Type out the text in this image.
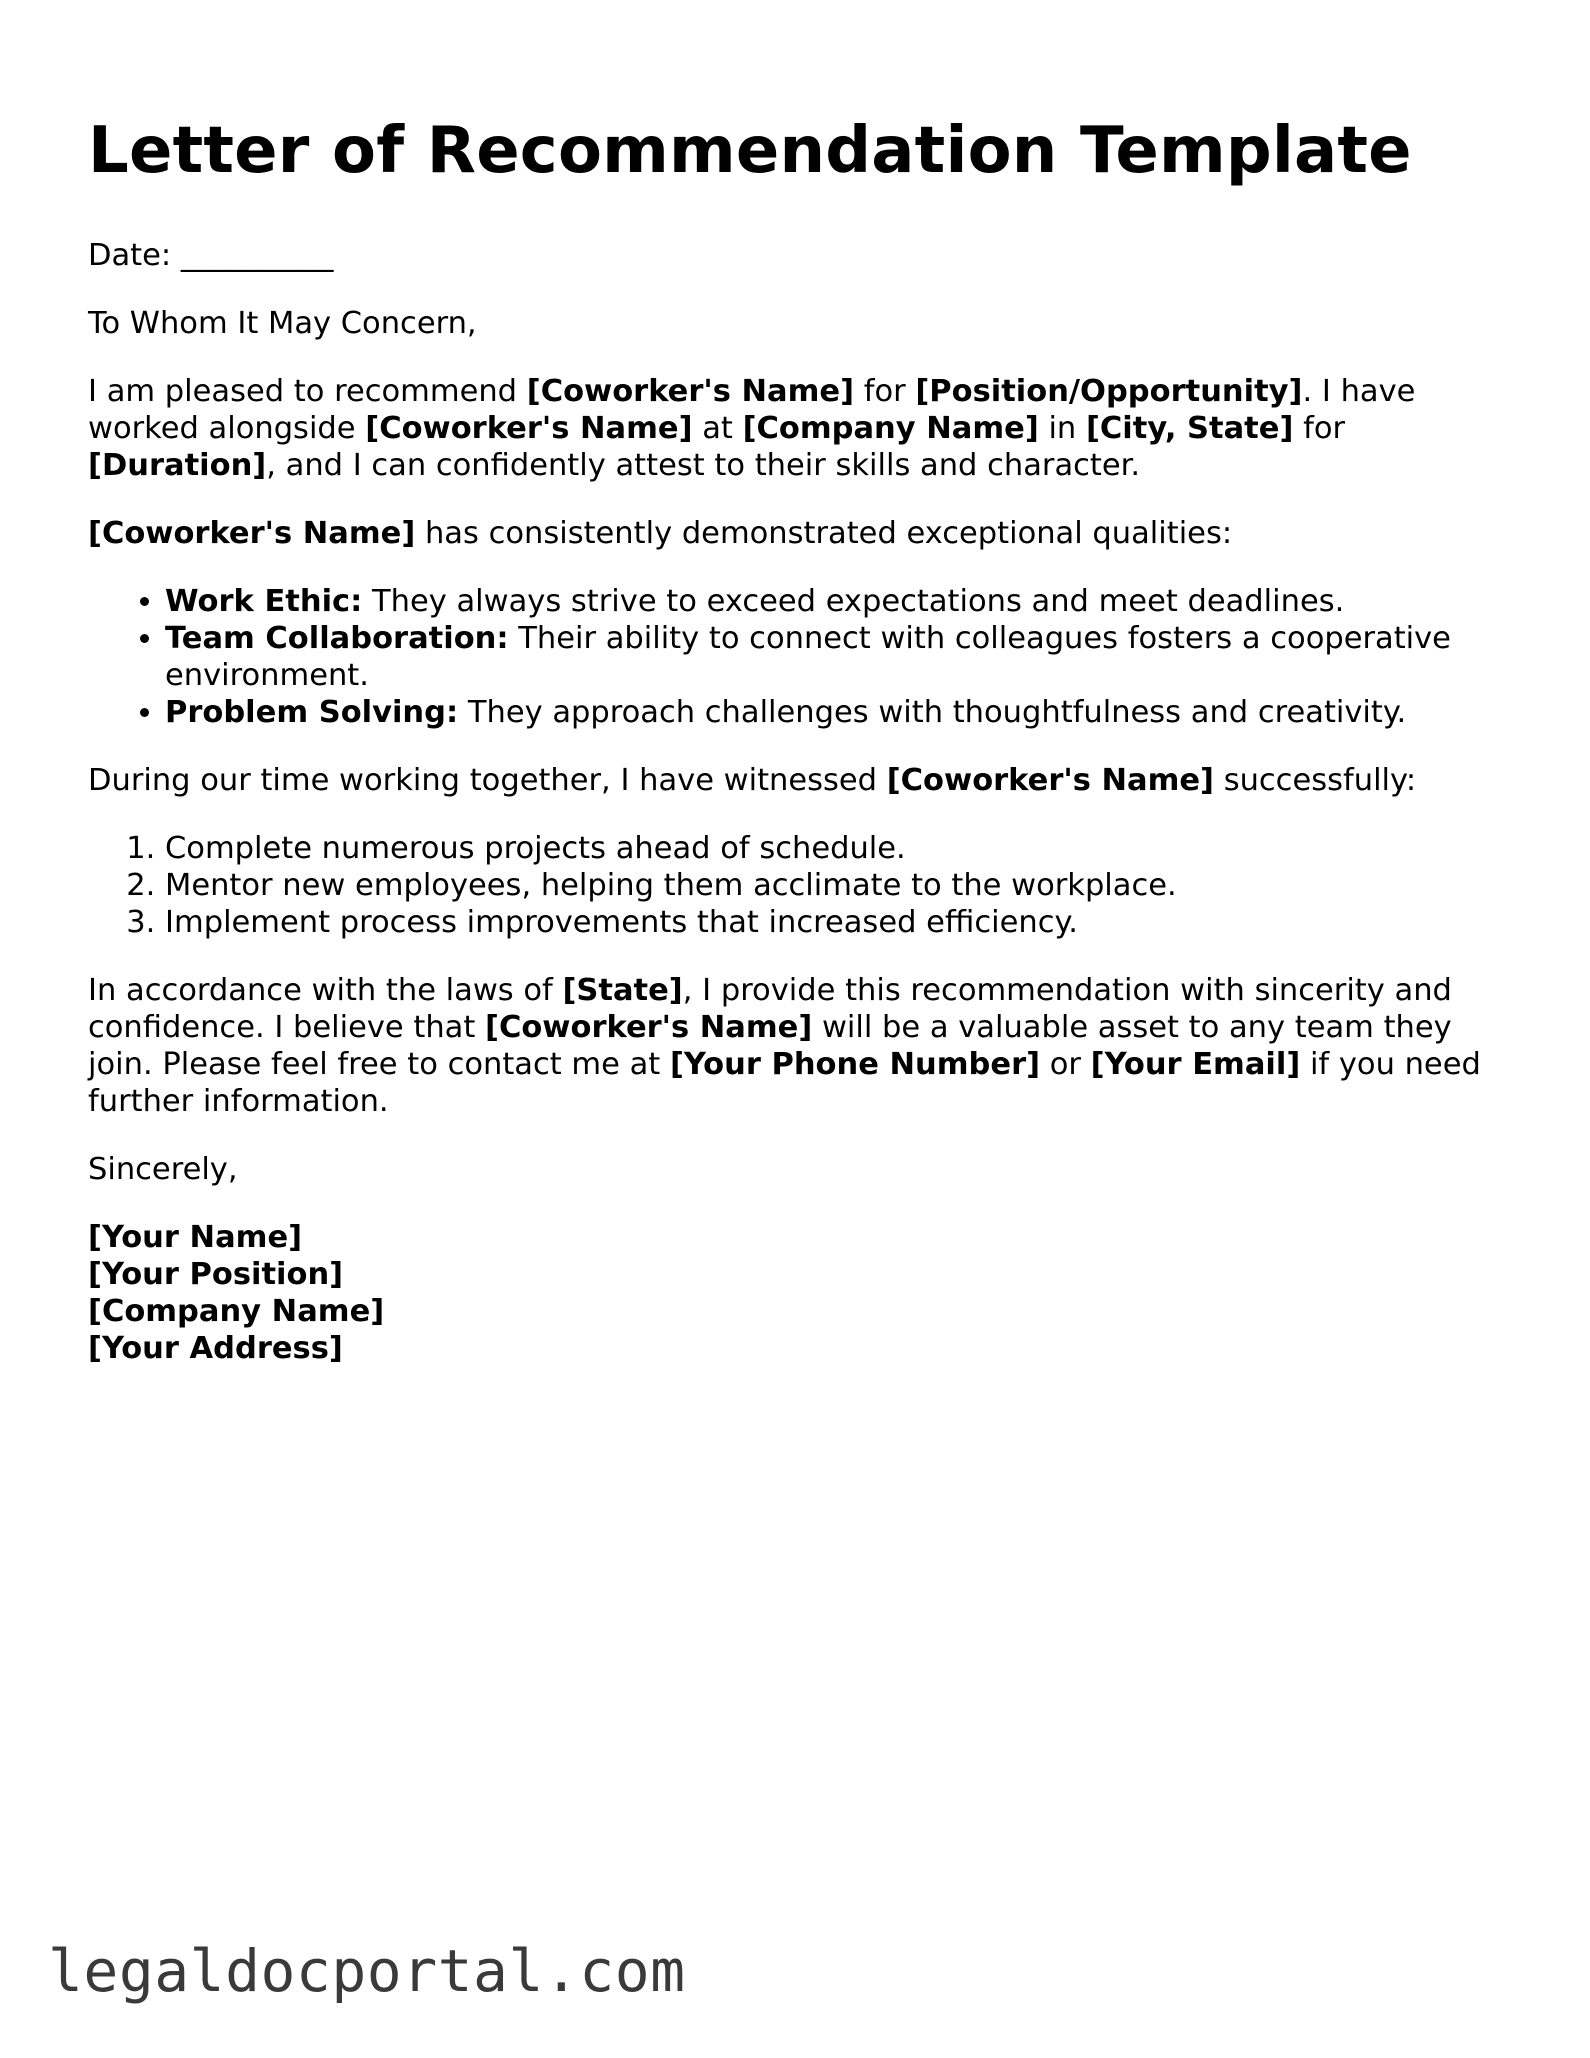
Letter of Recommendation Template

Date: __________

To Whom It May Concern,

I am pleased to recommend [Coworker's Name] for [Position/Opportunity]. I have worked alongside [Coworker's Name] at [Company Name] in [City, State] for [Duration], and I can confidently attest to their skills and character.

[Coworker's Name] has consistently demonstrated exceptional qualities:

• Work Ethic: They always strive to exceed expectations and meet deadlines.
• Team Collaboration: Their ability to connect with colleagues fosters a cooperative environment.
• Problem Solving: They approach challenges with thoughtfulness and creativity.

During our time working together, I have witnessed [Coworker's Name] successfully:

1. Complete numerous projects ahead of schedule.
2. Mentor new employees, helping them acclimate to the workplace.
3. Implement process improvements that increased efficiency.

In accordance with the laws of [State], I provide this recommendation with sincerity and confidence. I believe that [Coworker's Name] will be a valuable asset to any team they join. Please feel free to contact me at [Your Phone Number] or [Your Email] if you need further information.

Sincerely,

[Your Name]
[Your Position]
[Company Name]
[Your Address]
legaldocportal.com
